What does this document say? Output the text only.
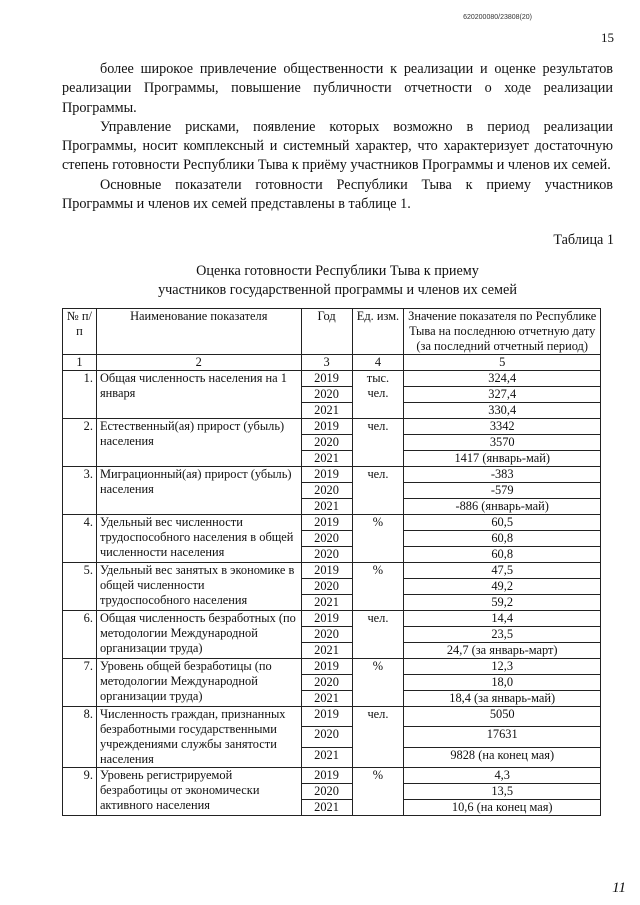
620200080/23808(20)
15

более широкое привлечение общественности к реализации и оценке результатов реализации Программы, повышение публичности отчетности о ходе реализации Программы.

Управление рисками, появление которых возможно в период реализации Программы, носит комплексный и системный характер, что характеризует достаточную степень готовности Республики Тыва к приёму участников Программы и членов их семей.

Основные показатели готовности Республики Тыва к приему участников Программы и членов их семей представлены в таблице 1.

Таблица 1
Оценка готовности Республики Тыва к приему
участников государственной программы и членов их семей
№ п/п	Наименование показателя	Год	Ед. изм.	Значение показателя по Республике Тыва на последнюю отчетную дату (за последний отчетный период)
1	2	3	4	5
1.	Общая численность населения на 1 января	2019	тыс. чел.	324,4
		2020		327,4
		2021		330,4
2.	Естественный(ая) прирост (убыль) населения	2019	чел.	3342
		2020		3570
		2021		1417 (январь-май)
3.	Миграционный(ая) прирост (убыль) населения	2019	чел.	-383
		2020		-579
		2021		-886 (январь-май)
4.	Удельный вес численности трудоспособного населения в общей численности населения	2019	%	60,5
		2020		60,8
		2020		60,8
5.	Удельный вес занятых в экономике в общей численности трудоспособного населения	2019	%	47,5
		2020		49,2
		2021		59,2
6.	Общая численность безработных (по методологии Международной организации труда)	2019	чел.	14,4
		2020		23,5
		2021		24,7 (за январь-март)
7.	Уровень общей безработицы (по методологии Международной организации труда)	2019	%	12,3
		2020		18,0
		2021		18,4 (за январь-май)
8.	Численность граждан, признанных безработными государственными учреждениями службы занятости населения	2019	чел.	5050
		2020		17631
		2021		9828 (на конец мая)
9.	Уровень регистрируемой безработицы от экономически активного населения	2019	%	4,3
		2020		13,5
		2021		10,6 (на конец мая)
11
